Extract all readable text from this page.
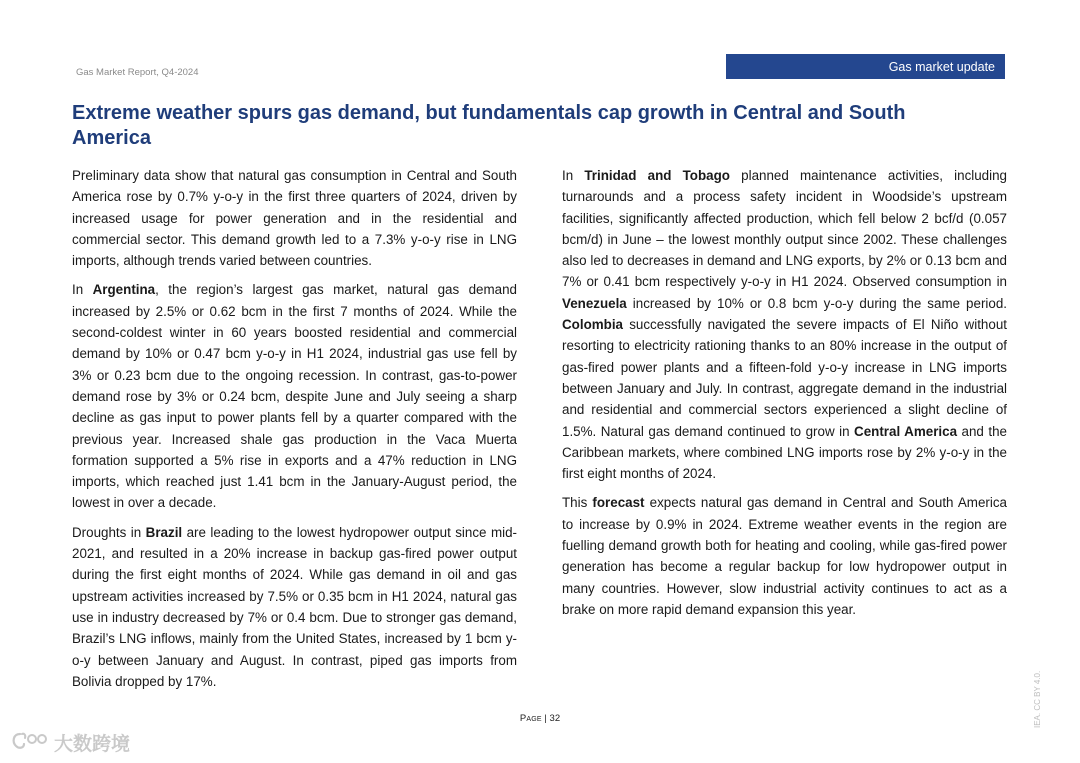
Gas Market Report, Q4-2024	Gas market update
Extreme weather spurs gas demand, but fundamentals cap growth in Central and South America

Preliminary data show that natural gas consumption in Central and South America rose by 0.7% y-o-y in the first three quarters of 2024, driven by increased usage for power generation and in the residential and commercial sector. This demand growth led to a 7.3% y-o-y rise in LNG imports, although trends varied between countries.

In Argentina, the region’s largest gas market, natural gas demand increased by 2.5% or 0.62 bcm in the first 7 months of 2024. While the second-coldest winter in 60 years boosted residential and commercial demand by 10% or 0.47 bcm y-o-y in H1 2024, industrial gas use fell by 3% or 0.23 bcm due to the ongoing recession. In contrast, gas-to-power demand rose by 3% or 0.24 bcm, despite June and July seeing a sharp decline as gas input to power plants fell by a quarter compared with the previous year. Increased shale gas production in the Vaca Muerta formation supported a 5% rise in exports and a 47% reduction in LNG imports, which reached just 1.41 bcm in the January-August period, the lowest in over a decade.

Droughts in Brazil are leading to the lowest hydropower output since mid-2021, and resulted in a 20% increase in backup gas-fired power output during the first eight months of 2024. While gas demand in oil and gas upstream activities increased by 7.5% or 0.35 bcm in H1 2024, natural gas use in industry decreased by 7% or 0.4 bcm. Due to stronger gas demand, Brazil’s LNG inflows, mainly from the United States, increased by 1 bcm y-o-y between January and August. In contrast, piped gas imports from Bolivia dropped by 17%.

In Trinidad and Tobago planned maintenance activities, including turnarounds and a process safety incident in Woodside’s upstream facilities, significantly affected production, which fell below 2 bcf/d (0.057 bcm/d) in June – the lowest monthly output since 2002. These challenges also led to decreases in demand and LNG exports, by 2% or 0.13 bcm and 7% or 0.41 bcm respectively y-o-y in H1 2024. Observed consumption in Venezuela increased by 10% or 0.8 bcm y-o-y during the same period. Colombia successfully navigated the severe impacts of El Niño without resorting to electricity rationing thanks to an 80% increase in the output of gas-fired power plants and a fifteen-fold y-o-y increase in LNG imports between January and July. In contrast, aggregate demand in the industrial and residential and commercial sectors experienced a slight decline of 1.5%. Natural gas demand continued to grow in Central America and the Caribbean markets, where combined LNG imports rose by 2% y-o-y in the first eight months of 2024.

This forecast expects natural gas demand in Central and South America to increase by 0.9% in 2024. Extreme weather events in the region are fuelling demand growth both for heating and cooling, while gas-fired power generation has become a regular backup for low hydropower output in many countries. However, slow industrial activity continues to act as a brake on more rapid demand expansion this year.

Page | 32	IEA. CC BY 4.0.
大数跨境
